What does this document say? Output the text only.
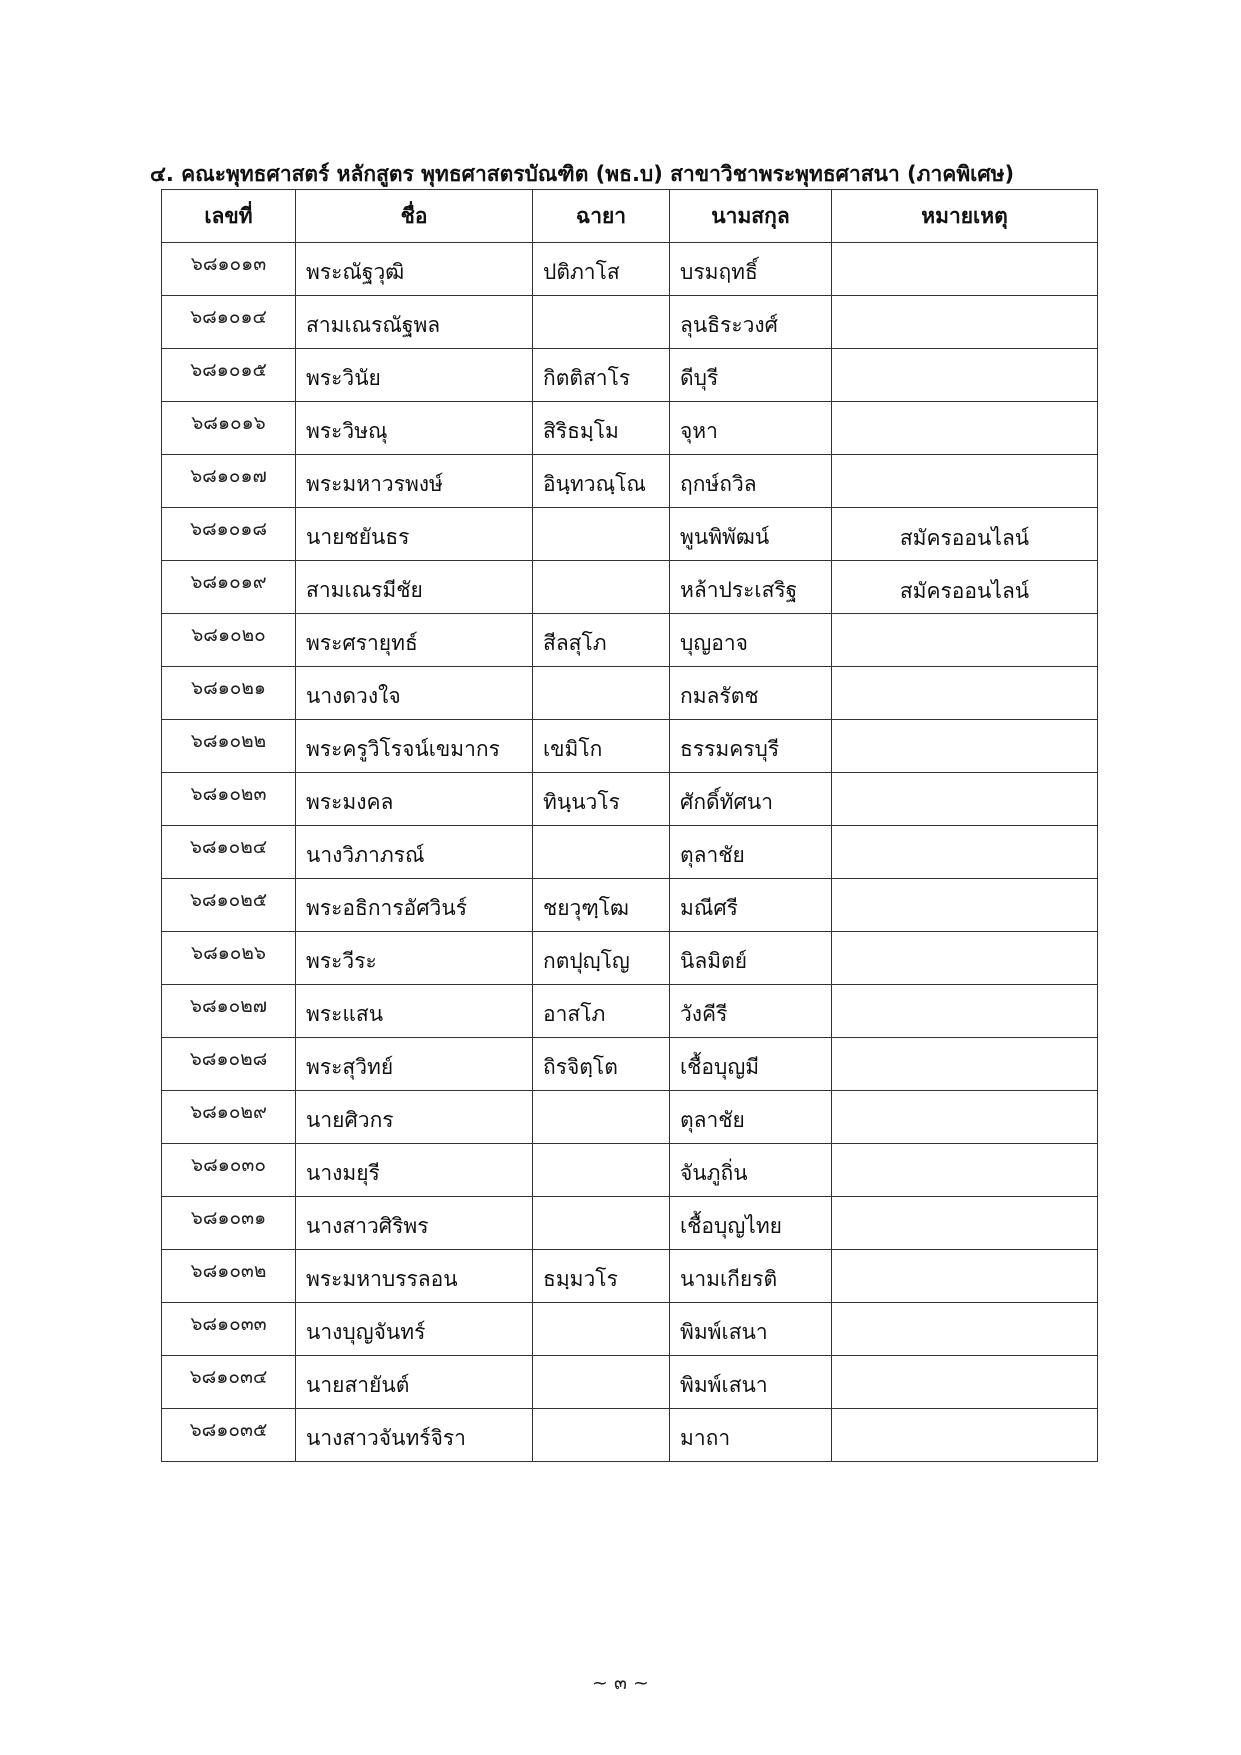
๔. คณะพุทธศาสตร์ หลักสูตร พุทธศาสตรบัณฑิต (พธ.บ) สาขาวิชาพระพุทธศาสนา (ภาคพิเศษ)
เลขที่	ชื่อ	ฉายา	นามสกุล	หมายเหตุ
๖๘๑๐๑๓	พระณัฐวุฒิ	ปติภาโส	บรมฤทธิ์	
๖๘๑๐๑๔	สามเณรณัฐพล		ลุนธิระวงศ์	
๖๘๑๐๑๕	พระวินัย	กิตติสาโร	ดีบุรี	
๖๘๑๐๑๖	พระวิษณุ	สิริธมฺโม	จุหา	
๖๘๑๐๑๗	พระมหาวรพงษ์	อินฺทวณฺโณ	ฤกษ์ถวิล	
๖๘๑๐๑๘	นายชยันธร		พูนพิพัฒน์	สมัครออนไลน์
๖๘๑๐๑๙	สามเณรมีชัย		หล้าประเสริฐ	สมัครออนไลน์
๖๘๑๐๒๐	พระศรายุทธ์	สีลสุโภ	บุญอาจ	
๖๘๑๐๒๑	นางดวงใจ		กมลรัตช	
๖๘๑๐๒๒	พระครูวิโรจน์เขมากร	เขมิโก	ธรรมครบุรี	
๖๘๑๐๒๓	พระมงคล	ทินฺนวโร	ศักดิ์ทัศนา	
๖๘๑๐๒๔	นางวิภาภรณ์		ตุลาชัย	
๖๘๑๐๒๕	พระอธิการอัศวินร์	ชยวุฑฺโฒ	มณีศรี	
๖๘๑๐๒๖	พระวีระ	กตปุญฺโญ	นิลมิตย์	
๖๘๑๐๒๗	พระแสน	อาสโภ	วังคีรี	
๖๘๑๐๒๘	พระสุวิทย์	ถิรจิตฺโต	เชื้อบุญมี	
๖๘๑๐๒๙	นายศิวกร		ตุลาชัย	
๖๘๑๐๓๐	นางมยุรี		จันภูถิ่น	
๖๘๑๐๓๑	นางสาวศิริพร		เชื้อบุญไทย	
๖๘๑๐๓๒	พระมหาบรรลอน	ธมฺมวโร	นามเกียรติ	
๖๘๑๐๓๓	นางบุญจันทร์		พิมพ์เสนา	
๖๘๑๐๓๔	นายสายันต์		พิมพ์เสนา	
๖๘๑๐๓๕	นางสาวจันทร์จิรา		มาถา	
~ ๓ ~
